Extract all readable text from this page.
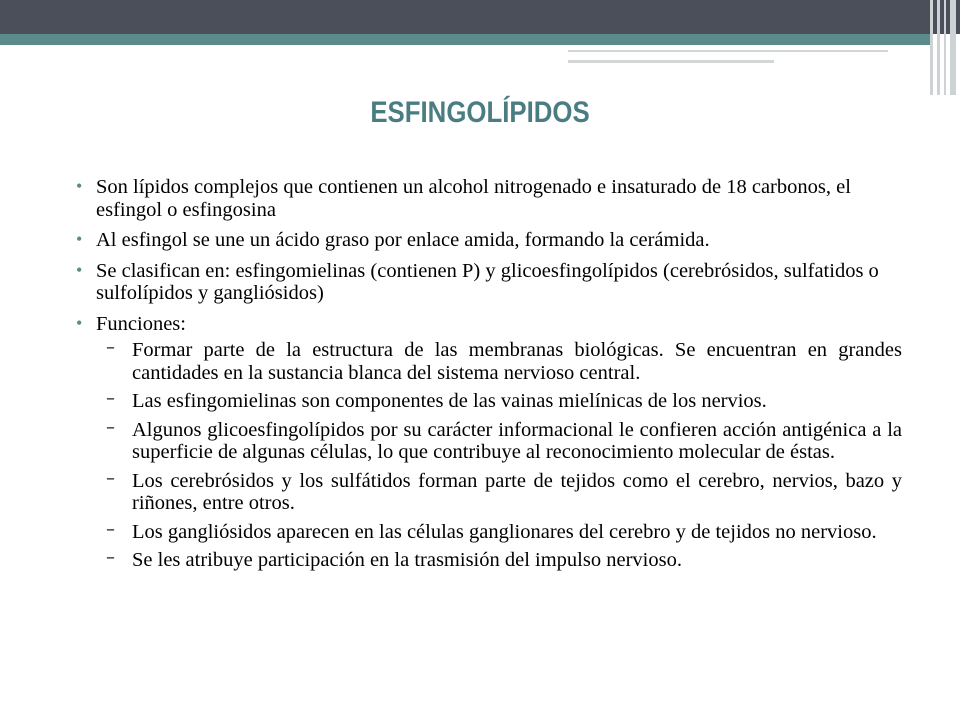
ESFINGOLÍPIDOS
• Son lípidos complejos que contienen un alcohol nitrogenado e insaturado de 18 carbonos, el esfingol o esfingosina
• Al esfingol se une un ácido graso por enlace amida, formando la cerámida.
• Se clasifican en: esfingomielinas (contienen P) y glicoesfingolípidos (cerebrósidos, sulfatidos o sulfolípidos y gangliósidos)
• Funciones:
– Formar parte de la estructura de las membranas biológicas. Se encuentran en grandes cantidades en la sustancia blanca del sistema nervioso central.
– Las esfingomielinas son componentes de las vainas mielínicas de los nervios.
– Algunos glicoesfingolípidos por su carácter informacional le confieren acción antigénica a la superficie de algunas células, lo que contribuye al reconocimiento molecular de éstas.
– Los cerebrósidos y los sulfátidos forman parte de tejidos como el cerebro, nervios, bazo y riñones, entre otros.
– Los gangliósidos aparecen en las células ganglionares del cerebro y de tejidos no nervioso.
– Se les atribuye participación en la trasmisión del impulso nervioso.
